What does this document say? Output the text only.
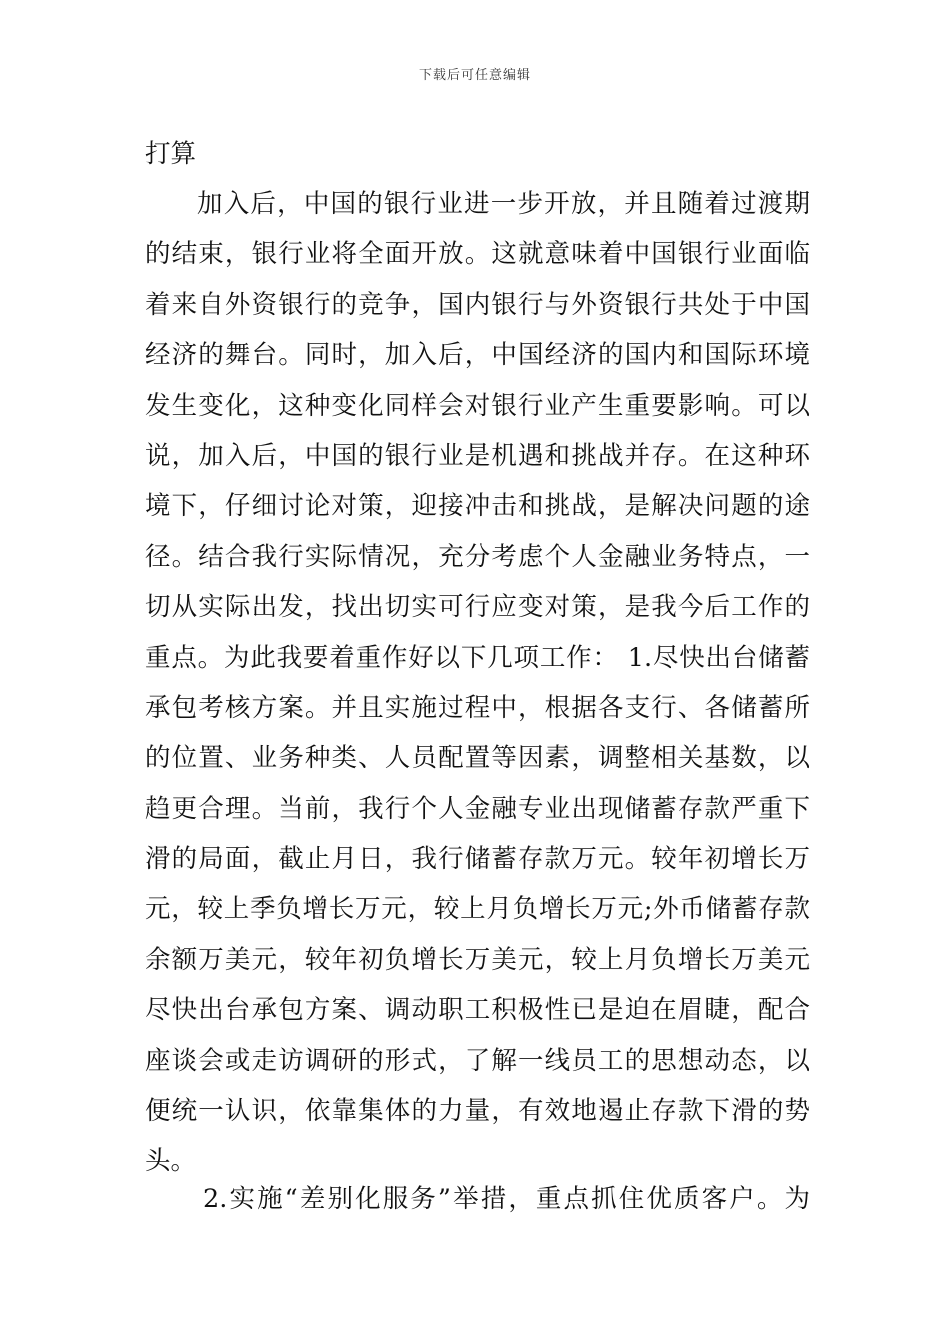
下载后可任意编辑
打算
加入后，中国的银行业进一步开放，并且随着过渡期
的结束，银行业将全面开放。这就意味着中国银行业面临
着来自外资银行的竞争，国内银行与外资银行共处于中国
经济的舞台。同时，加入后，中国经济的国内和国际环境
发生变化，这种变化同样会对银行业产生重要影响。可以
说，加入后，中国的银行业是机遇和挑战并存。在这种环
境下，仔细讨论对策，迎接冲击和挑战，是解决问题的途
径。结合我行实际情况，充分考虑个人金融业务特点，一
切从实际出发，找出切实可行应变对策，是我今后工作的
重点。为此我要着重作好以下几项工作： 1.尽快出台储蓄
承包考核方案。并且实施过程中，根据各支行、各储蓄所
的位置、业务种类、人员配置等因素，调整相关基数，以
趋更合理。当前，我行个人金融专业出现储蓄存款严重下
滑的局面，截止月日，我行储蓄存款万元。较年初增长万
元，较上季负增长万元，较上月负增长万元;外币储蓄存款
余额万美元，较年初负增长万美元，较上月负增长万美元
尽快出台承包方案、调动职工积极性已是迫在眉睫，配合
座谈会或走访调研的形式，了解一线员工的思想动态，以
便统一认识，依靠集体的力量，有效地遏止存款下滑的势
头。
2.实施“差别化服务”举措，重点抓住优质客户。为
